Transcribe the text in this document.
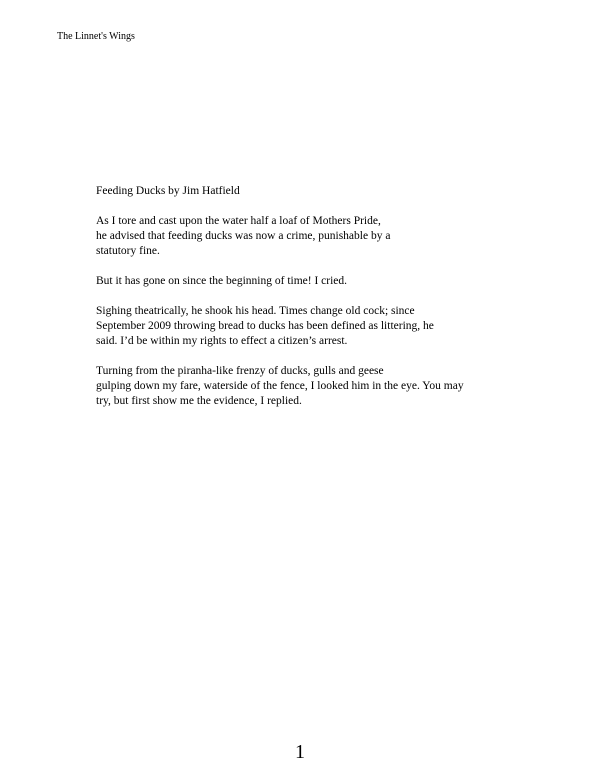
The Linnet's Wings
Feeding Ducks by Jim Hatfield
As I tore and cast upon the water half a loaf of Mothers Pride,
he advised that feeding ducks was now a crime, punishable by a
statutory fine.
But it has gone on since the beginning of time! I cried.
Sighing theatrically, he shook his head. Times change old cock; since
September 2009 throwing bread to ducks has been defined as littering, he
said. I’d be within my rights to effect a citizen’s arrest.
Turning from the piranha-like frenzy of ducks, gulls and geese
gulping down my fare, waterside of the fence, I looked him in the eye. You may
try, but first show me the evidence, I replied.
1
